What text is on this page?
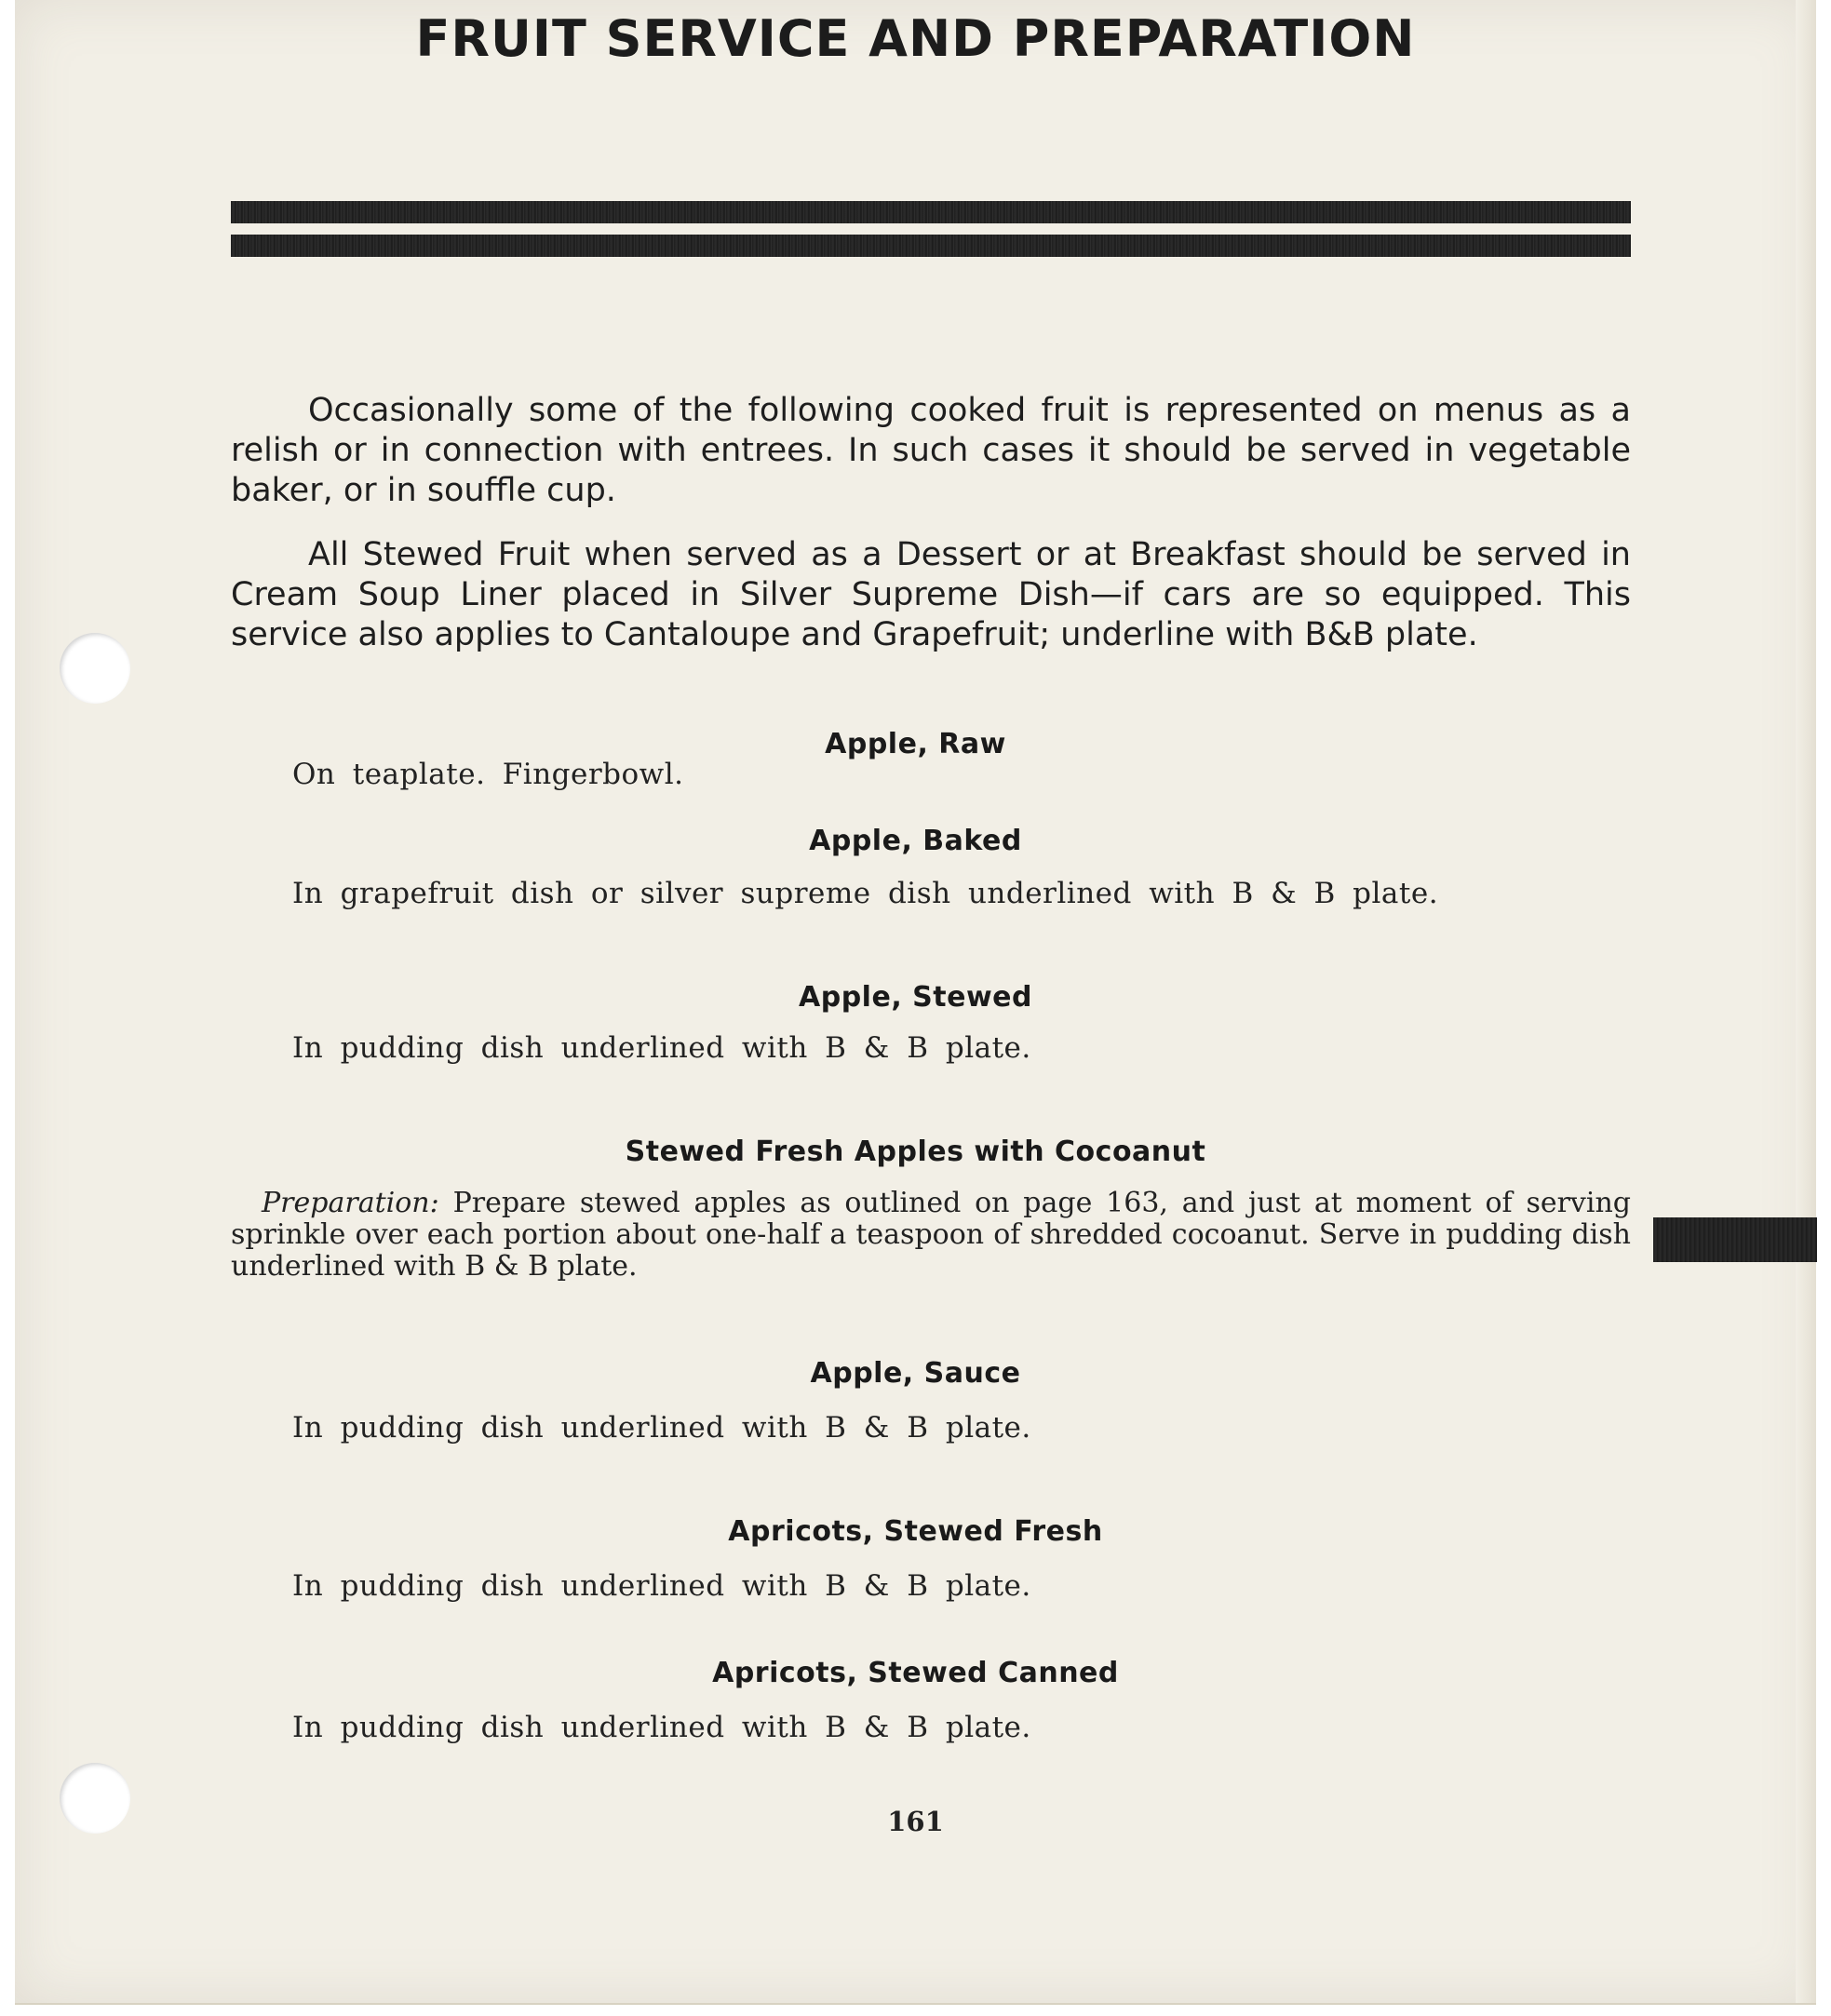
FRUIT SERVICE AND PREPARATION

Occasionally some of the following cooked fruit is represented on menus as a relish or in connection with entrees. In such cases it should be served in vegetable baker, or in souffle cup.

All Stewed Fruit when served as a Dessert or at Breakfast should be served in Cream Soup Liner placed in Silver Supreme Dish—if cars are so equipped. This service also applies to Cantaloupe and Grapefruit; underline with B&B plate.

Apple, Raw
On teaplate. Fingerbowl.
Apple, Baked
In grapefruit dish or silver supreme dish underlined with B & B plate.
Apple, Stewed
In pudding dish underlined with B & B plate.
Stewed Fresh Apples with Cocoanut

Preparation: Prepare stewed apples as outlined on page 163, and just at moment of serving sprinkle over each portion about one-half a teaspoon of shredded cocoanut. Serve in pudding dish underlined with B & B plate.

Apple, Sauce
In pudding dish underlined with B & B plate.
Apricots, Stewed Fresh
In pudding dish underlined with B & B plate.
Apricots, Stewed Canned
In pudding dish underlined with B & B plate.
161
